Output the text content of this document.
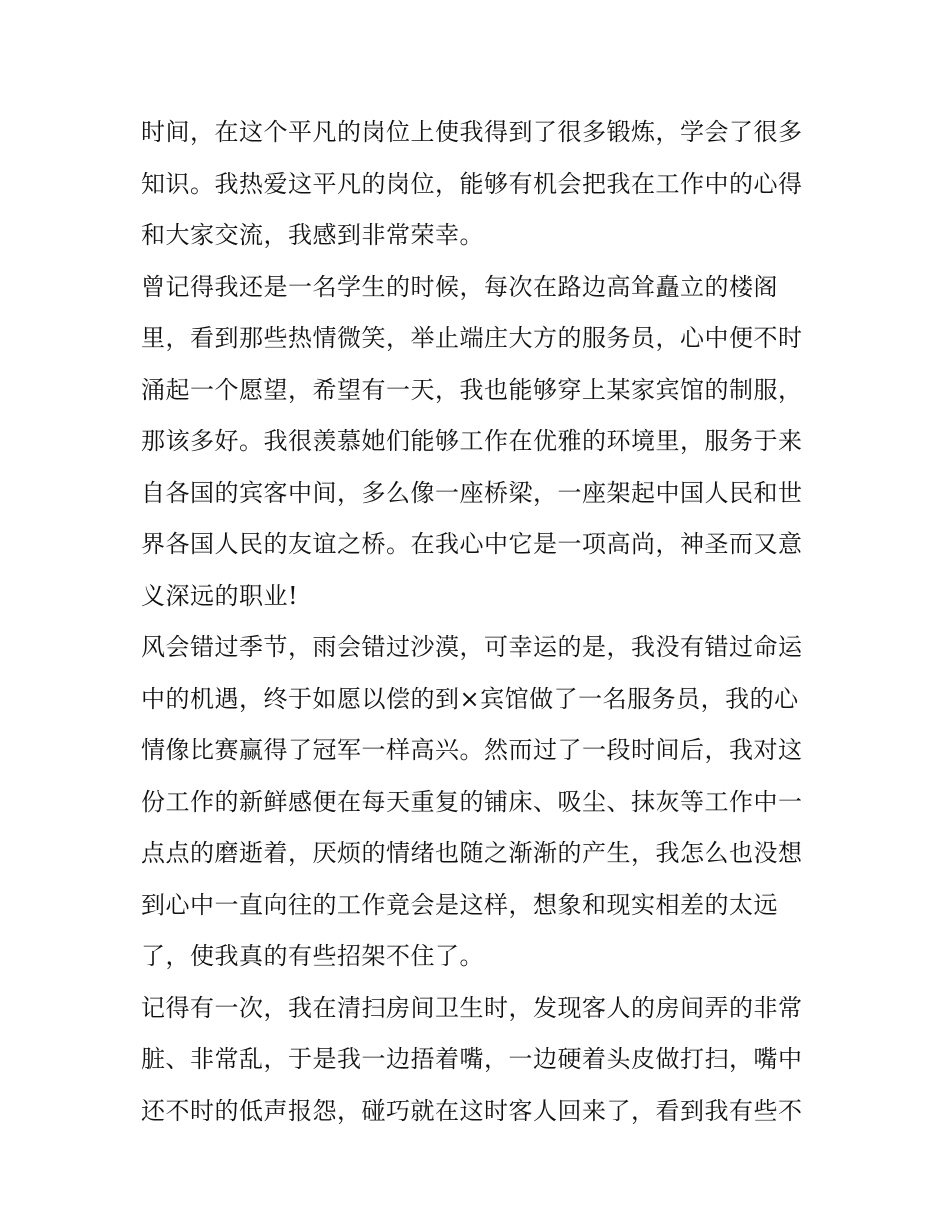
时间，在这个平凡的岗位上使我得到了很多锻炼，学会了很多
知识。我热爱这平凡的岗位，能够有机会把我在工作中的心得
和大家交流，我感到非常荣幸。
曾记得我还是一名学生的时候，每次在路边高耸矗立的楼阁
里，看到那些热情微笑，举止端庄大方的服务员，心中便不时
涌起一个愿望，希望有一天，我也能够穿上某家宾馆的制服，
那该多好。我很羡慕她们能够工作在优雅的环境里，服务于来
自各国的宾客中间，多么像一座桥梁，一座架起中国人民和世
界各国人民的友谊之桥。在我心中它是一项高尚，神圣而又意
义深远的职业!
风会错过季节，雨会错过沙漠，可幸运的是，我没有错过命运
中的机遇，终于如愿以偿的到×宾馆做了一名服务员，我的心
情像比赛赢得了冠军一样高兴。然而过了一段时间后，我对这
份工作的新鲜感便在每天重复的铺床、吸尘、抹灰等工作中一
点点的磨逝着，厌烦的情绪也随之渐渐的产生，我怎么也没想
到心中一直向往的工作竟会是这样，想象和现实相差的太远
了，使我真的有些招架不住了。
记得有一次，我在清扫房间卫生时，发现客人的房间弄的非常
脏、非常乱，于是我一边捂着嘴，一边硬着头皮做打扫，嘴中
还不时的低声报怨，碰巧就在这时客人回来了，看到我有些不
